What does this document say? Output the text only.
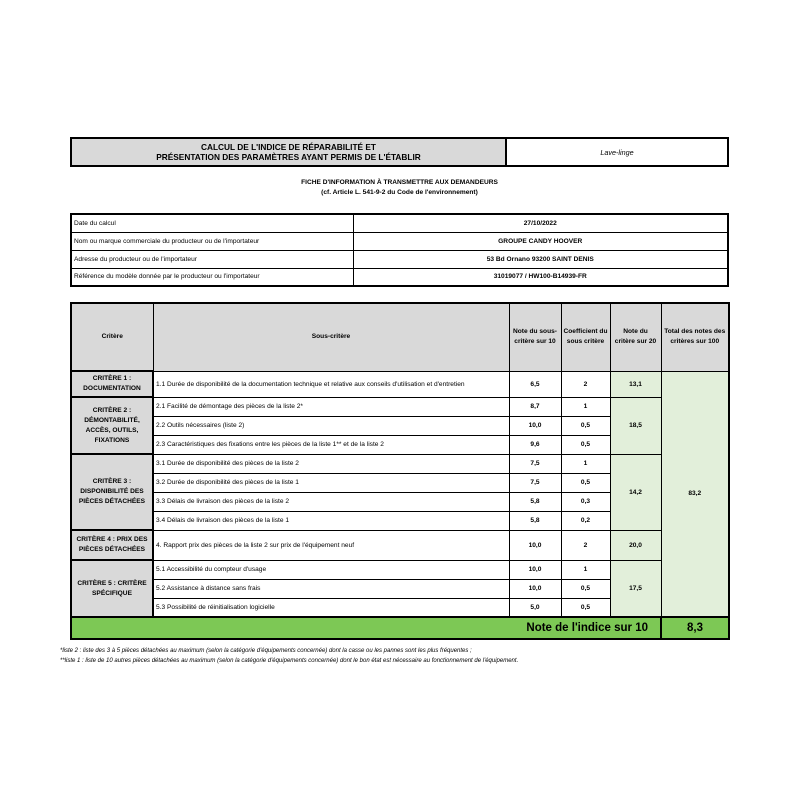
CALCUL DE L'INDICE DE RÉPARABILITÉ ET
PRÉSENTATION DES PARAMÈTRES AYANT PERMIS DE L'ÉTABLIR	Lave-linge
FICHE D'INFORMATION À TRANSMETTRE AUX DEMANDEURS
(cf. Article L. 541-9-2 du Code de l'environnement)
Date du calcul	27/10/2022
Nom ou marque commerciale du producteur ou de l'importateur	GROUPE CANDY HOOVER
Adresse du producteur ou de l'importateur	53 Bd Ornano 93200 SAINT DENIS
Référence du modèle donnée par le producteur ou l'importateur	31019077 / HW100-B14939-FR
Critère	Sous-critère	Note du sous-critère sur 10	Coefficient du sous critère	Note du critère sur 20	Total des notes des critères sur 100
CRITÈRE 1 : DOCUMENTATION	1.1 Durée de disponibilité de la documentation technique et relative aux conseils d'utilisation et d'entretien	6,5	2	13,1	83,2
CRITÈRE 2 : DÉMONTABILITÉ, ACCÈS, OUTILS, FIXATIONS	2.1 Facilité de démontage des pièces de la liste 2*	8,7	1	18,5	
	2.2 Outils nécessaires (liste 2)	10,0	0,5		
	2.3 Caractéristiques des fixations entre les pièces de la liste 1** et de la liste 2	9,6	0,5		
CRITÈRE 3 : DISPONIBILITÉ DES PIÈCES DÉTACHÉES	3.1 Durée de disponibilité des pièces de la liste 2	7,5	1	14,2	
	3.2 Durée de disponibilité des pièces de la liste 1	7,5	0,5		
	3.3 Délais de livraison des pièces de la liste 2	5,8	0,3		
	3.4 Délais de livraison des pièces de la liste 1	5,8	0,2		
CRITÈRE 4 : PRIX DES PIÈCES DÉTACHÉES	4. Rapport prix des pièces de la liste 2 sur prix de l'équipement neuf	10,0	2	20,0	
CRITÈRE 5 : CRITÈRE SPÉCIFIQUE	5.1 Accessibilité du compteur d'usage	10,0	1	17,5	
	5.2 Assistance à distance sans frais	10,0	0,5		
	5.3 Possibilité de réinitialisation logicielle	5,0	0,5		
Note de l'indice sur 10					8,3
*liste 2 : liste des 3 à 5 pièces détachées au maximum (selon la catégorie d'équipements concernée) dont la casse ou les pannes sont les plus fréquentes ;
**liste 1 : liste de 10 autres pièces détachées au maximum (selon la catégorie d'équipements concernée) dont le bon état est nécessaire au fonctionnement de l'équipement.
